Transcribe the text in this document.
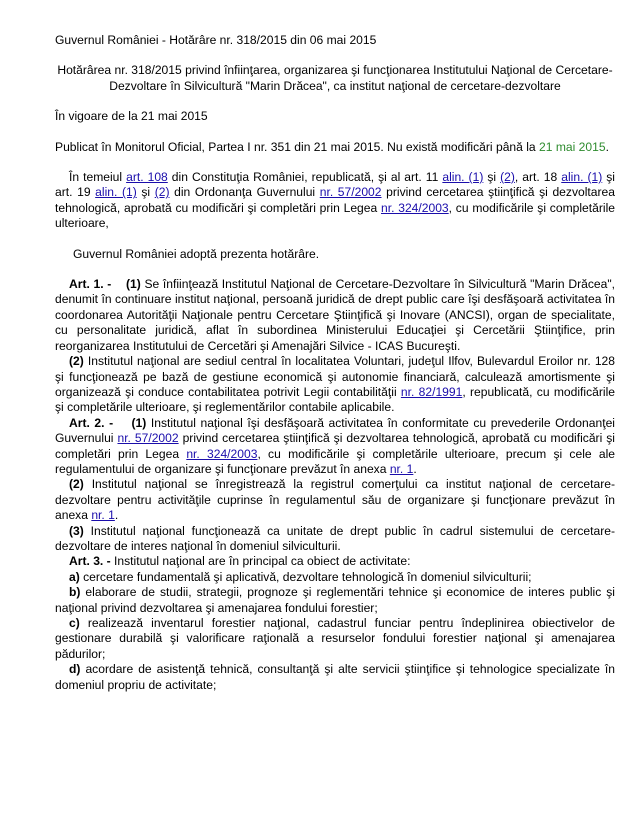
Guvernul României - Hotărâre nr. 318/2015 din 06 mai 2015

Hotărârea nr. 318/2015 privind înfiinţarea, organizarea şi funcţionarea Institutului Naţional de Cercetare-Dezvoltare în Silvicultură "Marin Drăcea", ca institut naţional de cercetare-dezvoltare

În vigoare de la 21 mai 2015

Publicat în Monitorul Oficial, Partea I nr. 351 din 21 mai 2015. Nu există modificări până la 21 mai 2015.

În temeiul art. 108 din Constituţia României, republicată, şi al art. 11 alin. (1) şi (2), art. 18 alin. (1) şi art. 19 alin. (1) şi (2) din Ordonanţa Guvernului nr. 57/2002 privind cercetarea ştiinţifică şi dezvoltarea tehnologică, aprobată cu modificări şi completări prin Legea nr. 324/2003, cu modificările şi completările ulterioare,

Guvernul României adoptă prezenta hotărâre.

Art. 1. - (1) Se înfiinţează Institutul Naţional de Cercetare-Dezvoltare în Silvicultură "Marin Drăcea", denumit în continuare institut naţional, persoană juridică de drept public care îşi desfăşoară activitatea în coordonarea Autorităţii Naţionale pentru Cercetare Ştiinţifică şi Inovare (ANCSI), organ de specialitate, cu personalitate juridică, aflat în subordinea Ministerului Educaţiei şi Cercetării Ştiinţifice, prin reorganizarea Institutului de Cercetări şi Amenajări Silvice - ICAS Bucureşti.

(2) Institutul naţional are sediul central în localitatea Voluntari, judeţul Ilfov, Bulevardul Eroilor nr. 128 şi funcţionează pe bază de gestiune economică şi autonomie financiară, calculează amortismente şi organizează şi conduce contabilitatea potrivit Legii contabilităţii nr. 82/1991, republicată, cu modificările şi completările ulterioare, şi reglementărilor contabile aplicabile.

Art. 2. - (1) Institutul naţional îşi desfăşoară activitatea în conformitate cu prevederile Ordonanţei Guvernului nr. 57/2002 privind cercetarea ştiinţifică şi dezvoltarea tehnologică, aprobată cu modificări şi completări prin Legea nr. 324/2003, cu modificările şi completările ulterioare, precum şi cele ale regulamentului de organizare şi funcţionare prevăzut în anexa nr. 1.

(2) Institutul naţional se înregistrează la registrul comerţului ca institut naţional de cercetare-dezvoltare pentru activităţile cuprinse în regulamentul său de organizare şi funcţionare prevăzut în anexa nr. 1.

(3) Institutul naţional funcţionează ca unitate de drept public în cadrul sistemului de cercetare-dezvoltare de interes naţional în domeniul silviculturii.

Art. 3. - Institutul naţional are în principal ca obiect de activitate:

a) cercetare fundamentală şi aplicativă, dezvoltare tehnologică în domeniul silviculturii;

b) elaborare de studii, strategii, prognoze şi reglementări tehnice şi economice de interes public şi naţional privind dezvoltarea şi amenajarea fondului forestier;

c) realizează inventarul forestier naţional, cadastrul funciar pentru îndeplinirea obiectivelor de gestionare durabilă şi valorificare raţională a resurselor fondului forestier naţional şi amenajarea pădurilor;

d) acordare de asistenţă tehnică, consultanţă şi alte servicii ştiinţifice şi tehnologice specializate în domeniul propriu de activitate;
